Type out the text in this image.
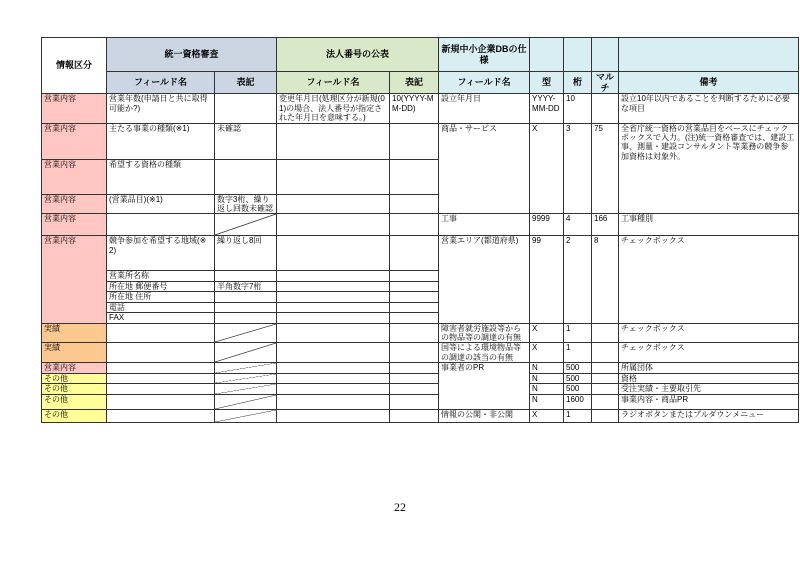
情報区分	統一資格審査		法人番号の公表		新規中小企業DBの仕様				
	フィールド名	表記	フィールド名	表記	フィールド名	型	桁	マルチ	備考
営業内容	営業年数(申請日と共に取得可能か?)		変更年月日(処理区分が新規(01)の場合、法人番号が指定された年月日を意味する。)	10(YYYY-MM-DD)	設立年月日	YYYY-MM-DD	10		設立10年以内であることを判断するために必要な項目
営業内容	主たる事業の種類(※1)	未確認			商品・サービス	X	3	75	全省庁統一資格の営業品目をベースにチェックボックスで入力。(注)統一資格審査では、建設工事、測量・建設コンサルタント等業務の競争参加資格は対象外。
営業内容	希望する資格の種類								
営業内容	(営業品目)(※1)	数字3桁、繰り返し回数未確認							
営業内容					工事	9999	4	166	工事種別
営業内容	競争参加を希望する地域(※2)	繰り返し8回			営業エリア(都道府県)	99	2	8	チェックボックス
	営業所名称								
	所在地 郵便番号	半角数字7桁							
	所在地 住所								
	電話								
	FAX								
実績					障害者就労施設等からの物品等の調達の有無	X	1		チェックボックス
実績					国等による環境物品等の調達の該当の有無	X	1		チェックボックス
営業内容					事業者のPR	N	500		所属団体
その他						N	500		資格
その他						N	500		受注実績・主要取引先
その他						N	1600		事業内容・商品PR
その他					情報の公開・非公開	X	1		ラジオボタンまたはプルダウンメニュー
22
